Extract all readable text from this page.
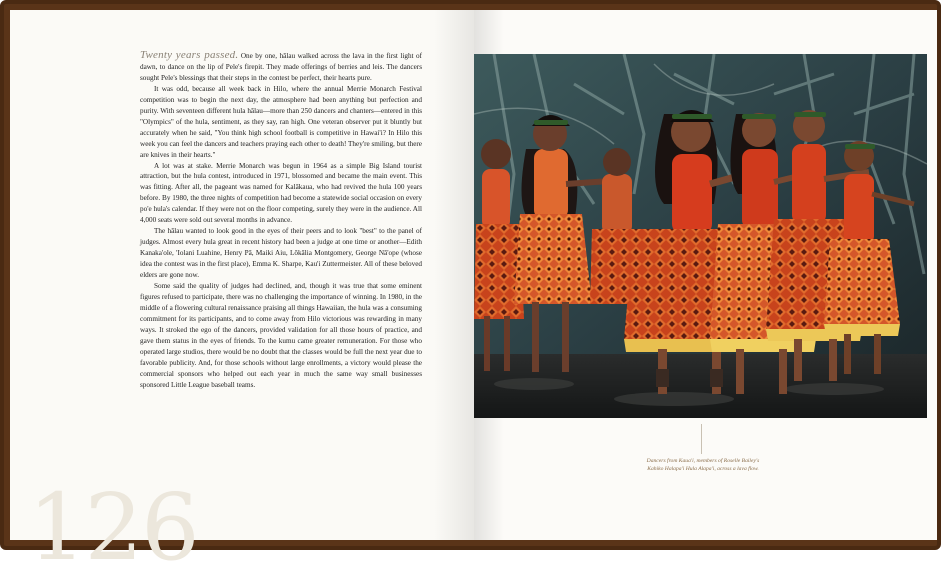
Twenty years passed. One by one, hālau walked across the lava in the first light of dawn, to dance on the lip of Pele's firepit. They made offerings of berries and leis. The dancers sought Pele's blessings that their steps in the contest be perfect, their hearts pure.

It was odd, because all week back in Hilo, where the annual Merrie Monarch Festival competition was to begin the next day, the atmosphere had been anything but perfection and purity. With seventeen different hula hālau—more than 250 dancers and chanters—entered in this "Olympics" of the hula, sentiment, as they say, ran high. One veteran observer put it bluntly but accurately when he said, "You think high school football is competitive in Hawai'i? In Hilo this week you can feel the dancers and teachers praying each other to death! They're smiling, but there are knives in their hearts."

A lot was at stake. Merrie Monarch was begun in 1964 as a simple Big Island tourist attraction, but the hula contest, introduced in 1971, blossomed and became the main event. This was fitting. After all, the pageant was named for Kalākaua, who had revived the hula 100 years before. By 1980, the three nights of competition had become a statewide social occasion on every po'e hula's calendar. If they were not on the floor competing, surely they were in the audience. All 4,000 seats were sold out several months in advance.

The hālau wanted to look good in the eyes of their peers and to look "best" to the panel of judges. Almost every hula great in recent history had been a judge at one time or another—Edith Kanaka'ole, 'Iolani Luahine, Henry Pā, Maiki Aiu, Lōkālia Montgomery, George Nā'ope (whose idea the contest was in the first place), Emma K. Sharpe, Kau'i Zuttermeister. All of these beloved elders are gone now.

Some said the quality of judges had declined, and, though it was true that some eminent figures refused to participate, there was no challenging the importance of winning. In 1980, in the middle of a flowering cultural renaissance praising all things Hawaiian, the hula was a consuming commitment for its participants, and to come away from Hilo victorious was rewarding in many ways. It stroked the ego of the dancers, provided validation for all those hours of practice, and gave them status in the eyes of friends. To the kumu came greater remuneration. For those who operated large studios, there would be no doubt that the classes would be full the next year due to favorable publicity. And, for those schools without large enrollments, a victory would please the commercial sponsors who helped out each year in much the same way small businesses sponsored Little League baseball teams.

126
Dancers from Kaua'i, members of Roselle Bailey's Kahiko Halapa'i Hula Alapa'i, across a lava flow.
